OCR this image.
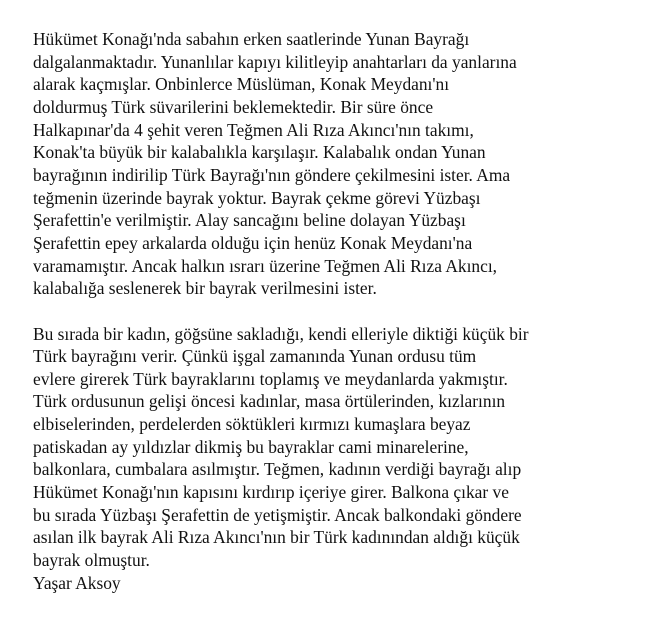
Hükümet Konağı'nda sabahın erken saatlerinde Yunan Bayrağı
dalgalanmaktadır. Yunanlılar kapıyı kilitleyip anahtarları da yanlarına
alarak kaçmışlar. Onbinlerce Müslüman, Konak Meydanı'nı
doldurmuş Türk süvarilerini beklemektedir. Bir süre önce
Halkapınar'da 4 şehit veren Teğmen Ali Rıza Akıncı'nın takımı,
Konak'ta büyük bir kalabalıkla karşılaşır. Kalabalık ondan Yunan
bayrağının indirilip Türk Bayrağı'nın göndere çekilmesini ister. Ama
teğmenin üzerinde bayrak yoktur. Bayrak çekme görevi Yüzbaşı
Şerafettin'e verilmiştir. Alay sancağını beline dolayan Yüzbaşı
Şerafettin epey arkalarda olduğu için henüz Konak Meydanı'na
varamamıştır. Ancak halkın ısrarı üzerine Teğmen Ali Rıza Akıncı,
kalabalığa seslenerek bir bayrak verilmesini ister.

Bu sırada bir kadın, göğsüne sakladığı, kendi elleriyle diktiği küçük bir
Türk bayrağını verir. Çünkü işgal zamanında Yunan ordusu tüm
evlere girerek Türk bayraklarını toplamış ve meydanlarda yakmıştır.
Türk ordusunun gelişi öncesi kadınlar, masa örtülerinden, kızlarının
elbiselerinden, perdelerden söktükleri kırmızı kumaşlara beyaz
patiskadan ay yıldızlar dikmiş bu bayraklar cami minarelerine,
balkonlara, cumbalara asılmıştır. Teğmen, kadının verdiği bayrağı alıp
Hükümet Konağı'nın kapısını kırdırıp içeriye girer. Balkona çıkar ve
bu sırada Yüzbaşı Şerafettin de yetişmiştir. Ancak balkondaki göndere
asılan ilk bayrak Ali Rıza Akıncı'nın bir Türk kadınından aldığı küçük
bayrak olmuştur.

Yaşar Aksoy
